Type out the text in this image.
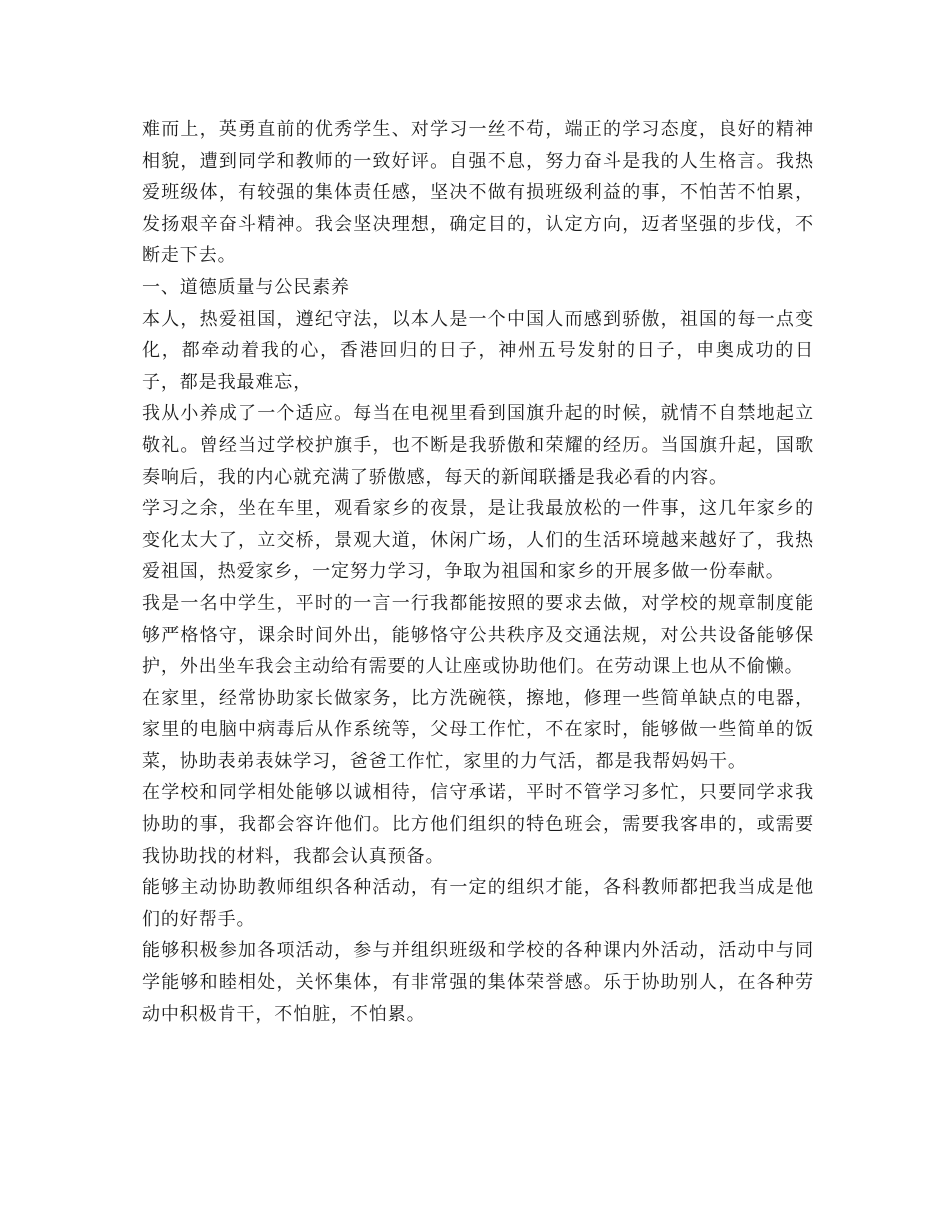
难而上，英勇直前的优秀学生、对学习一丝不苟，端正的学习态度，良好的精神相貌，遭到同学和教师的一致好评。自强不息，努力奋斗是我的人生格言。我热爱班级体，有较强的集体责任感，坚决不做有损班级利益的事，不怕苦不怕累，发扬艰辛奋斗精神。我会坚决理想，确定目的，认定方向，迈者坚强的步伐，不断走下去。

一、道德质量与公民素养

本人，热爱祖国，遵纪守法，以本人是一个中国人而感到骄傲，祖国的每一点变化，都牵动着我的心，香港回归的日子，神州五号发射的日子，申奥成功的日子，都是我最难忘，

我从小养成了一个适应。每当在电视里看到国旗升起的时候，就情不自禁地起立敬礼。曾经当过学校护旗手，也不断是我骄傲和荣耀的经历。当国旗升起，国歌奏响后，我的内心就充满了骄傲感，每天的新闻联播是我必看的内容。

学习之余，坐在车里，观看家乡的夜景，是让我最放松的一件事，这几年家乡的变化太大了，立交桥，景观大道，休闲广场，人们的生活环境越来越好了，我热爱祖国，热爱家乡，一定努力学习，争取为祖国和家乡的开展多做一份奉献。

我是一名中学生，平时的一言一行我都能按照的要求去做，对学校的规章制度能够严格恪守，课余时间外出，能够恪守公共秩序及交通法规，对公共设备能够保护，外出坐车我会主动给有需要的人让座或协助他们。在劳动课上也从不偷懒。

在家里，经常协助家长做家务，比方洗碗筷，擦地，修理一些简单缺点的电器，家里的电脑中病毒后从作系统等，父母工作忙，不在家时，能够做一些简单的饭菜，协助表弟表妹学习，爸爸工作忙，家里的力气活，都是我帮妈妈干。

在学校和同学相处能够以诚相待，信守承诺，平时不管学习多忙，只要同学求我协助的事，我都会容许他们。比方他们组织的特色班会，需要我客串的，或需要我协助找的材料，我都会认真预备。

能够主动协助教师组织各种活动，有一定的组织才能，各科教师都把我当成是他们的好帮手。

能够积极参加各项活动，参与并组织班级和学校的各种课内外活动，活动中与同学能够和睦相处，关怀集体，有非常强的集体荣誉感。乐于协助别人，在各种劳动中积极肯干，不怕脏，不怕累。
